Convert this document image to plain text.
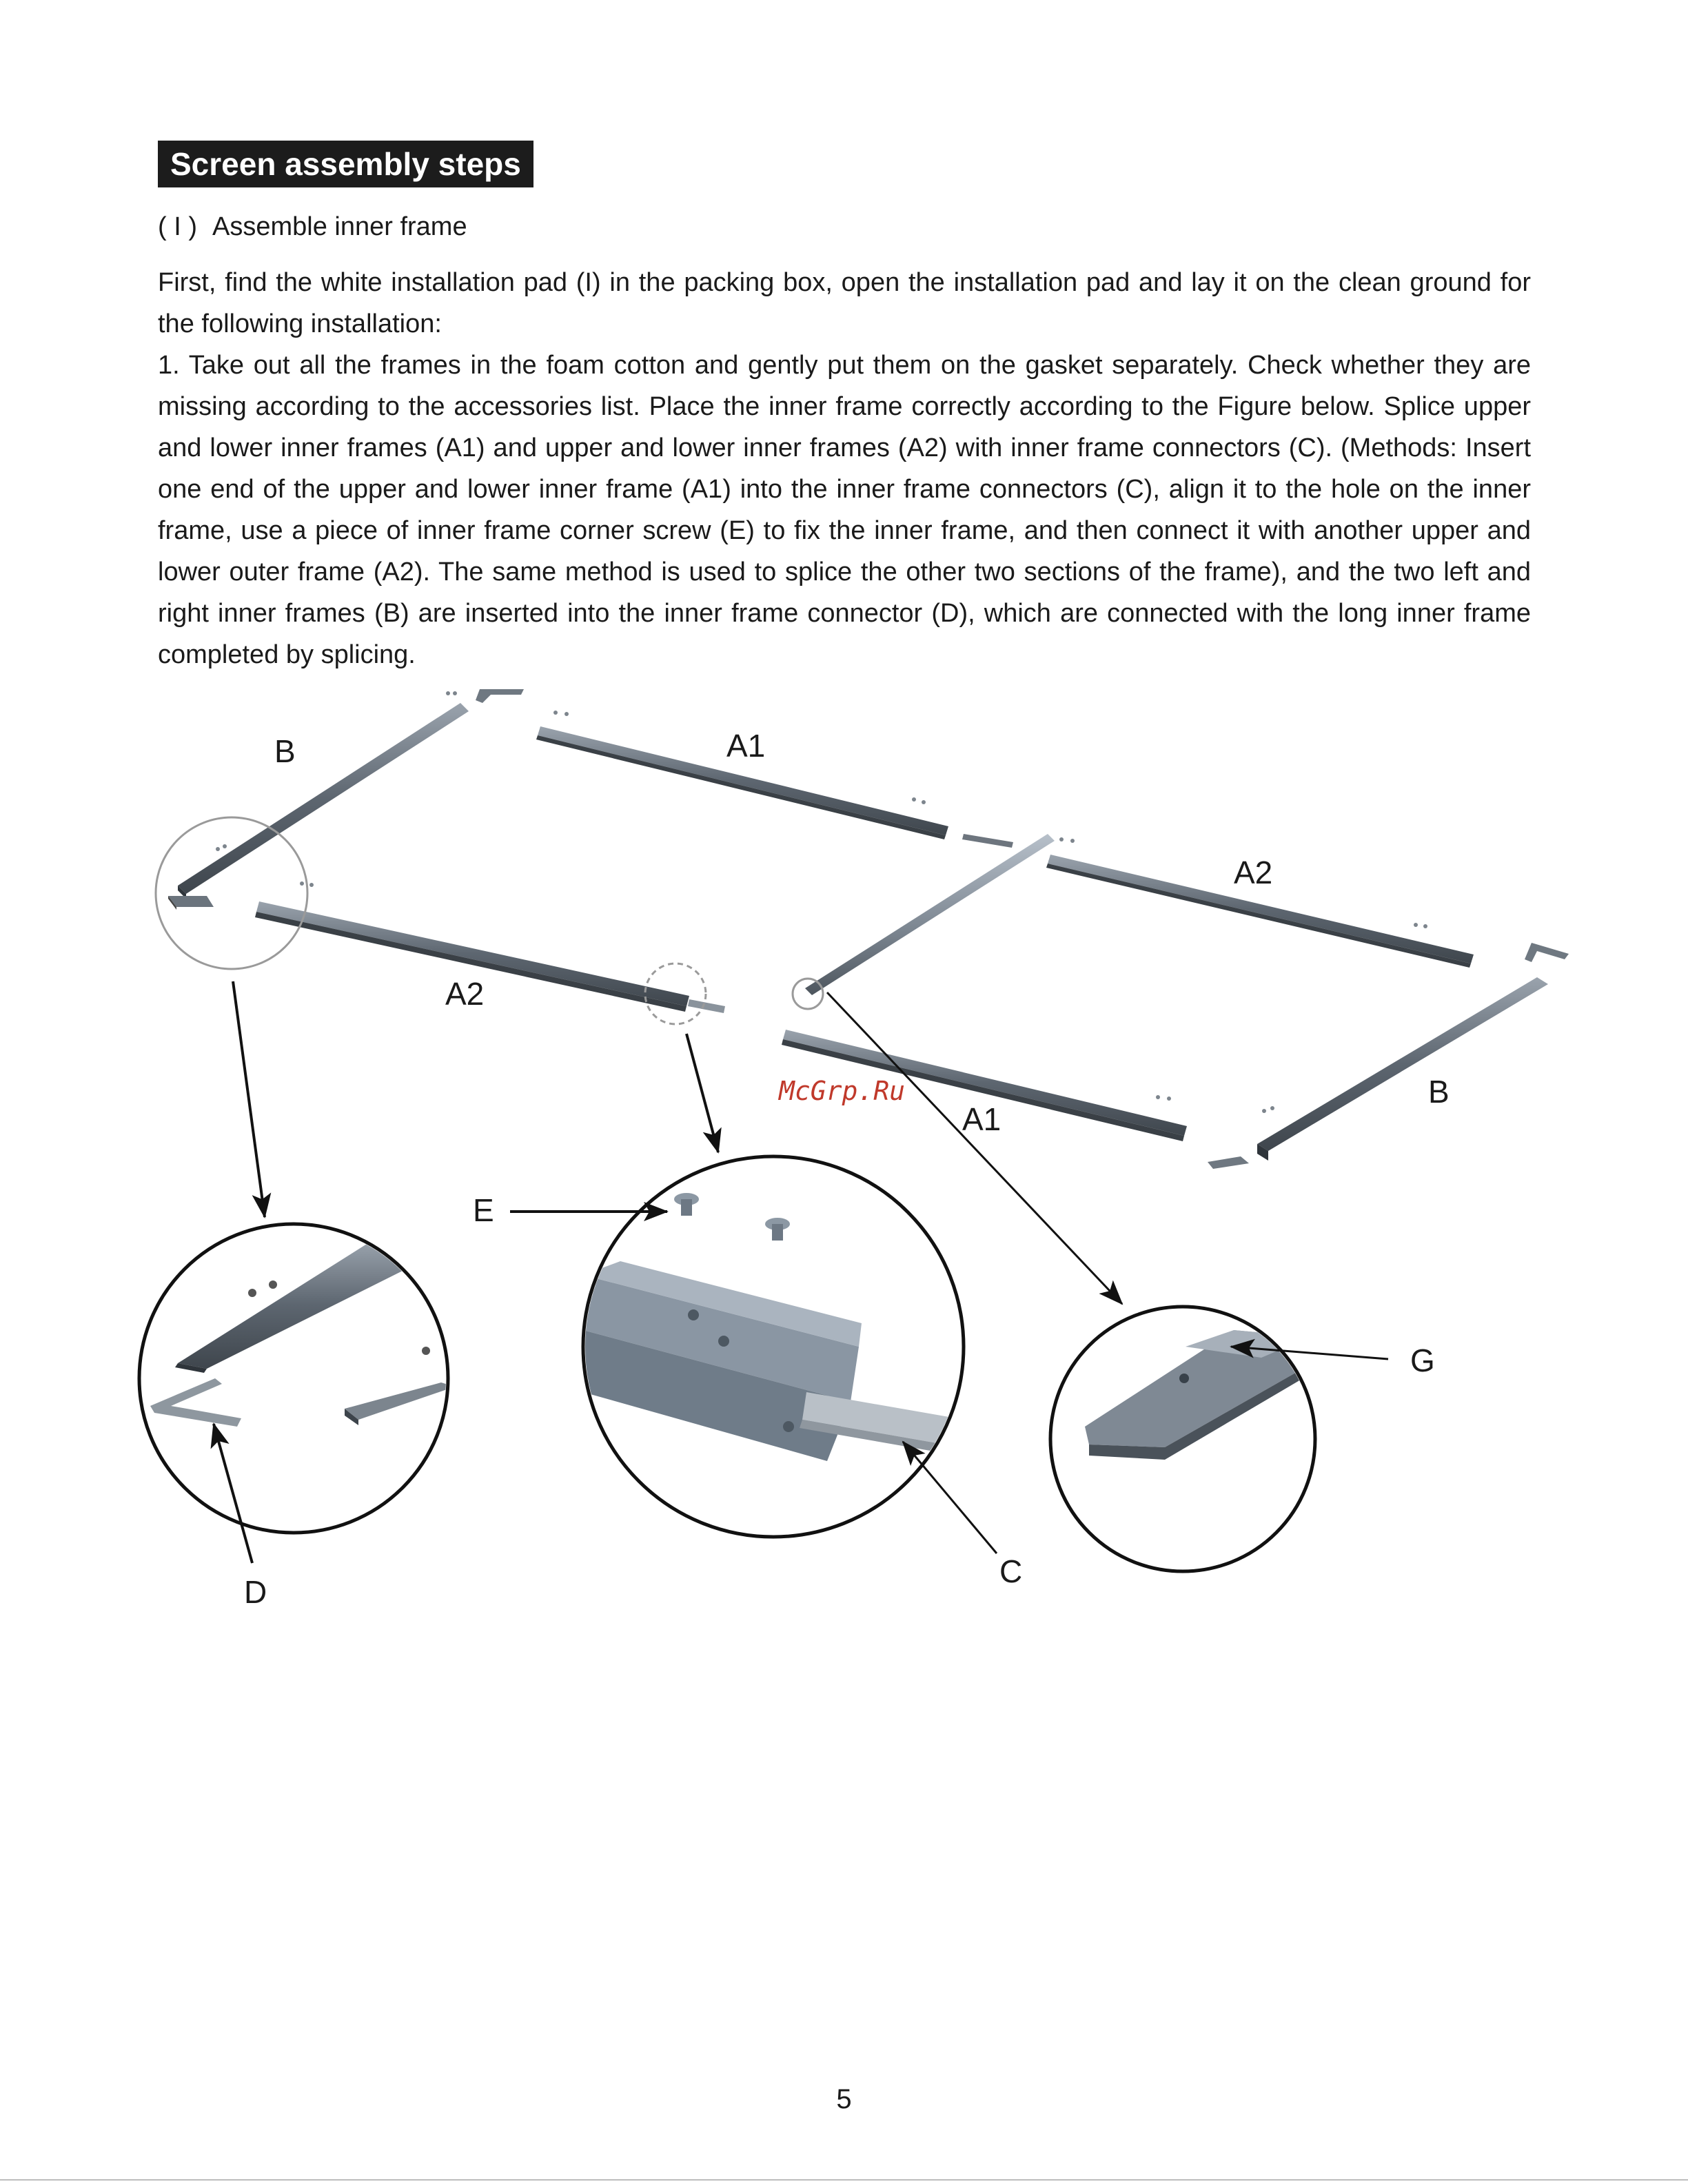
Screen assembly steps
( I ) Assemble inner frame

First, find the white installation pad (I) in the packing box, open the installation pad and lay it on the clean ground for the following installation:

1. Take out all the frames in the foam cotton and gently put them on the gasket separately. Check whether they are missing according to the accessories list. Place the inner frame correctly according to the Figure below. Splice upper and lower inner frames (A1) and upper and lower inner frames (A2) with inner frame connectors (C). (Methods: Insert one end of the upper and lower inner frame (A1) into the inner frame connectors (C), align it to the hole on the inner frame, use a piece of inner frame corner screw (E) to fix the inner frame, and then connect it with another upper and lower outer frame (A2). The same method is used to splice the other two sections of the frame), and the two left and right inner frames (B) are inserted into the inner frame connector (D), which are connected with the long inner frame completed by splicing.

B	A1
A2
A2
McGrp.Ru
A1
B
E
G
D
C
5
